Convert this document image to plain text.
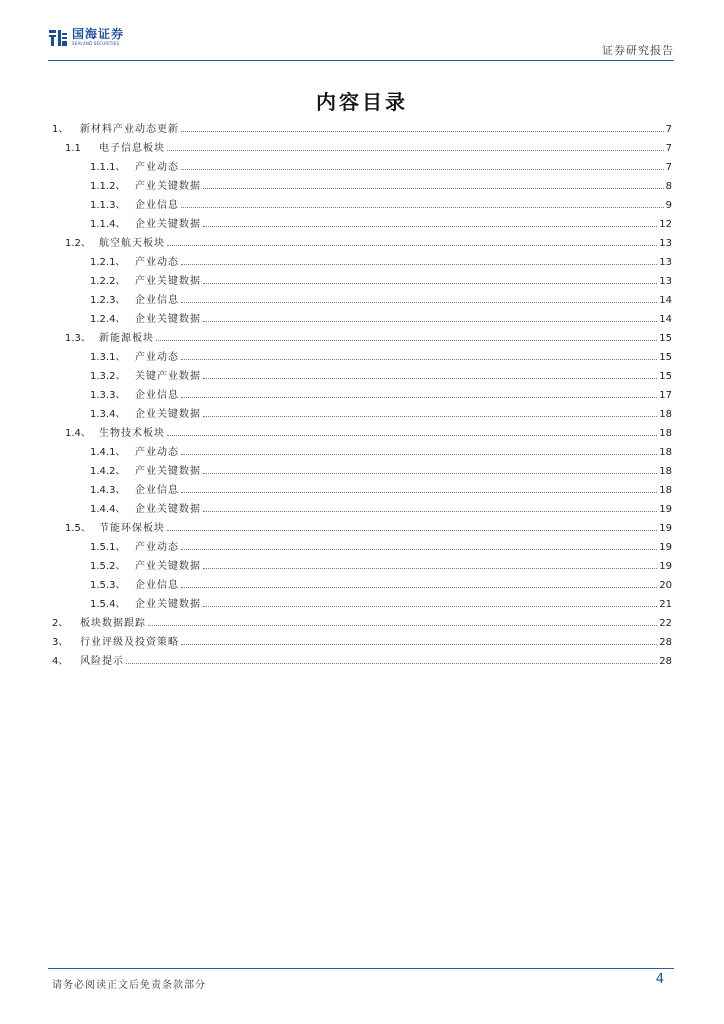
国海证券
SEALAND SECURITIES
证券研究报告
内容目录
1、	新材料产业动态更新	7
1.1	电子信息板块	7
1.1.1、 产业动态	7
1.1.2、 产业关键数据	8
1.1.3、 企业信息	9
1.1.4、 企业关键数据	12
1.2、 航空航天板块	13
1.2.1、 产业动态	13
1.2.2、 产业关键数据	13
1.2.3、 企业信息	14
1.2.4、 企业关键数据	14
1.3、 新能源板块	15
1.3.1、 产业动态	15
1.3.2、 关键产业数据	15
1.3.3、 企业信息	17
1.3.4、 企业关键数据	18
1.4、 生物技术板块	18
1.4.1、 产业动态	18
1.4.2、 产业关键数据	18
1.4.3、 企业信息	18
1.4.4、 企业关键数据	19
1.5、 节能环保板块	19
1.5.1、 产业动态	19
1.5.2、 产业关键数据	19
1.5.3、 企业信息	20
1.5.4、 企业关键数据	21
2、	板块数据跟踪	22
3、	行业评级及投资策略	28
4、	风险提示	28
请务必阅读正文后免责条款部分	4
